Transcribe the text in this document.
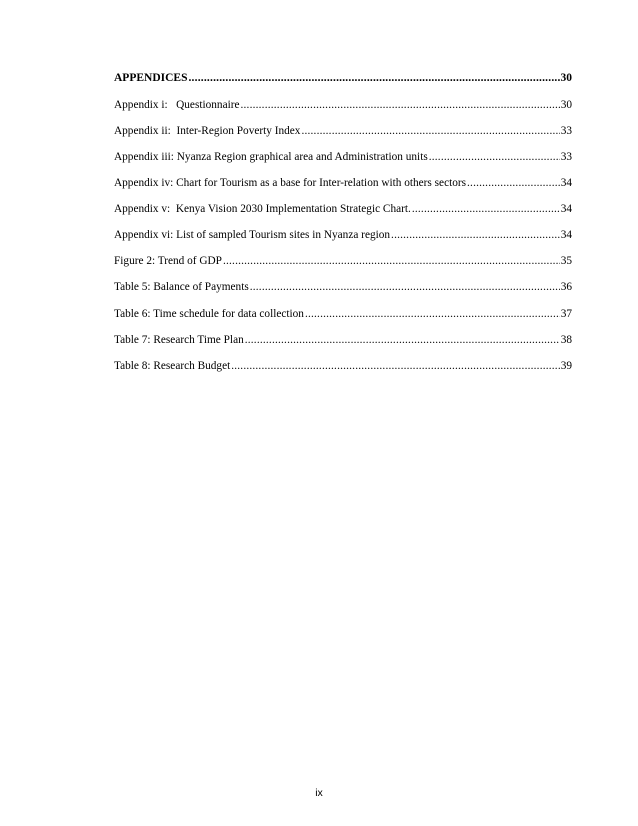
APPENDICES .....	30
Appendix i:   Questionnaire .....	30
Appendix ii:  Inter-Region Poverty Index .....	33
Appendix iii: Nyanza Region graphical area and Administration units .....	33
Appendix iv: Chart for Tourism as a base for Inter-relation with others sectors .....	34
Appendix v:  Kenya Vision 2030 Implementation Strategic Chart. .....	34
Appendix vi: List of sampled Tourism sites in Nyanza region .....	34
Figure 2: Trend of GDP .....	35
Table 5: Balance of Payments .....	36
Table 6: Time schedule for data collection .....	37
Table 7: Research Time Plan .....	38
Table 8: Research Budget .....	39
ix
